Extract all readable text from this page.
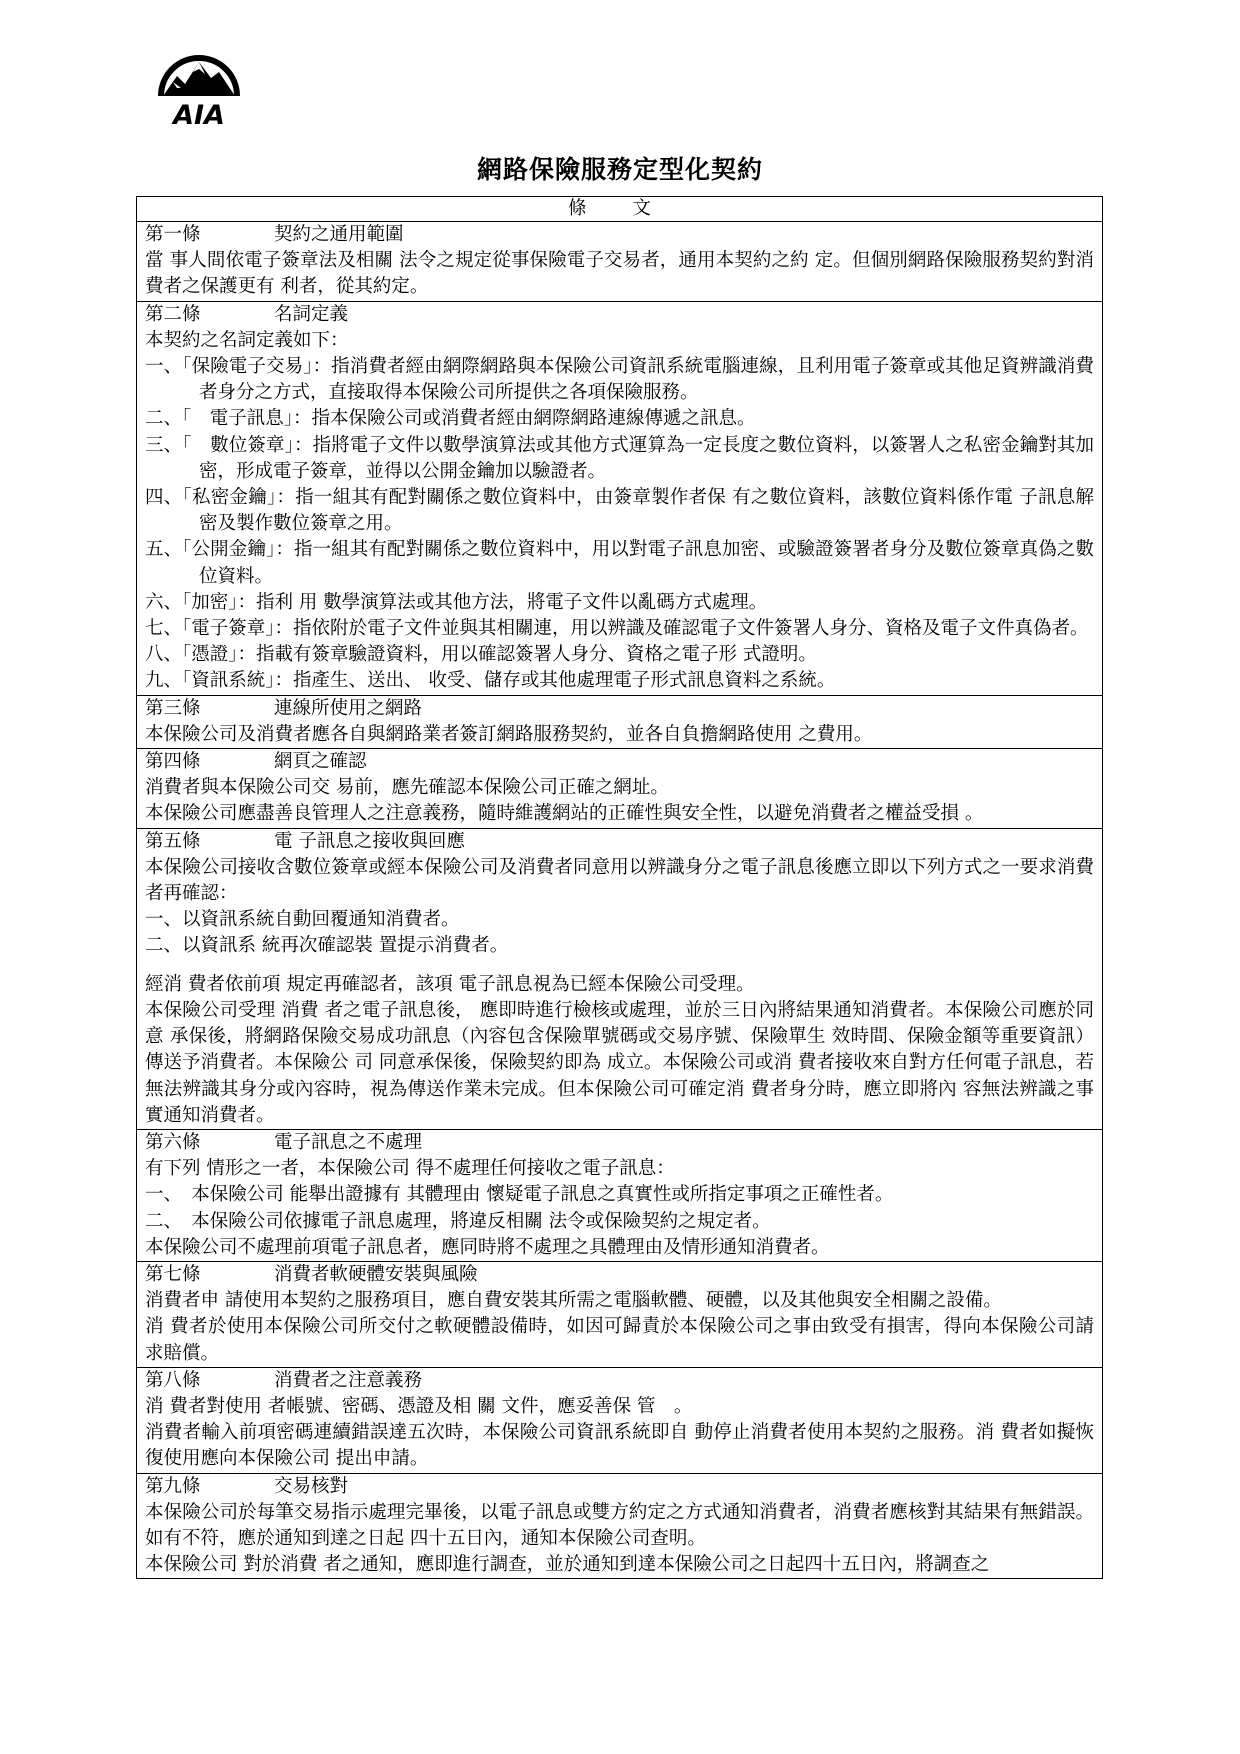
AIA
網路保險服務定型化契約
條 文

第一條	契約之通用範圍

當 事人間依電子簽章法及相關 法令之規定從事保險電子交易者，通用本契約之約 定。但個別網路保險服務契約對消 費者之保護更有 利者，從其約定。

第二條	名詞定義

本契約之名詞定義如下：

一、「保險電子交易」：指消費者經由網際網路與本保險公司資訊系統電腦連線，且利用電子簽章或其他足資辨識消費者身分之方式，直接取得本保險公司所提供之各項保險服務。

二、「　電子訊息」：指本保險公司或消費者經由網際網路連線傳遞之訊息。

三、「　數位簽章」：指將電子文件以數學演算法或其他方式運算為一定長度之數位資料，以簽署人之私密金鑰對其加密，形成電子簽章，並得以公開金鑰加以驗證者。

四、「私密金鑰」：指一組其有配對關係之數位資料中，由簽章製作者保 有之數位資料，該數位資料係作電 子訊息解密及製作數位簽章之用。

五、「公開金鑰」：指一組其有配對關係之數位資料中，用以對電子訊息加密、或驗證簽署者身分及數位簽章真偽之數位資料。

六、「加密」：指利 用 數學演算法或其他方法，將電子文件以亂碼方式處理。

七、「電子簽章」：指依附於電子文件並與其相關連，用以辨識及確認電子文件簽署人身分、資格及電子文件真偽者。

八、「憑證」：指載有簽章驗證資料，用以確認簽署人身分、資格之電子形 式證明。

九、「資訊系統」：指產生、送出、 收受、儲存或其他處理電子形式訊息資料之系統。

第三條	連線所使用之網路

本保險公司及消費者應各自與網路業者簽訂網路服務契約，並各自負擔網路使用 之費用。

第四條	網頁之確認

消費者與本保險公司交 易前，應先確認本保險公司正確之網址。

本保險公司應盡善良管理人之注意義務，隨時維護網站的正確性與安全性，以避免消費者之權益受損 。

第五條	電 子訊息之接收與回應

本保險公司接收含數位簽章或經本保險公司及消費者同意用以辨識身分之電子訊息後應立即以下列方式之一要求消費者再確認：

一、以資訊系統自動回覆通知消費者。

二、以資訊系 統再次確認裝 置提示消費者。

經消 費者依前項 規定再確認者，該項 電子訊息視為已經本保險公司受理。

本保險公司受理 消費 者之電子訊息後， 應即時進行檢核或處理，並於三日內將結果通知消費者。本保險公司應於同意 承保後，將網路保險交易成功訊息（內容包含保險單號碼或交易序號、保險單生 效時間、保險金額等重要資訊）傳送予消費者。本保險公 司 同意承保後，保險契約即為 成立。本保險公司或消 費者接收來自對方任何電子訊息，若無法辨識其身分或內容時，視為傳送作業未完成。但本保險公司可確定消 費者身分時，應立即將內 容無法辨識之事實通知消費者。

第六條	電子訊息之不處理

有下列 情形之一者，本保險公司 得不處理任何接收之電子訊息：

一、　本保險公司 能舉出證據有 其體理由 懷疑電子訊息之真實性或所指定事項之正確性者。

二、　本保險公司依據電子訊息處理，將違反相關 法令或保險契約之規定者。

本保險公司不處理前項電子訊息者，應同時將不處理之具體理由及情形通知消費者。

第七條	消費者軟硬體安裝與風險

消費者申 請使用本契約之服務項目，應自費安裝其所需之電腦軟體、硬體，以及其他與安全相關之設備。

消 費者於使用本保險公司所交付之軟硬體設備時，如因可歸責於本保險公司之事由致受有損害，得向本保險公司請求賠償。

第八條	消費者之注意義務

消 費者對使用 者帳號、密碼、憑證及相 關 文件，應妥善保 管　。

消費者輸入前項密碼連續錯誤達五次時，本保險公司資訊系統即自 動停止消費者使用本契約之服務。消 費者如擬恢復使用應向本保險公司 提出申請。

第九條	交易核對

本保險公司於每筆交易指示處理完畢後，以電子訊息或雙方約定之方式通知消費者，消費者應核對其結果有無錯誤。如有不符，應於通知到達之日起 四十五日內，通知本保險公司查明。

本保險公司 對於消費 者之通知，應即進行調查，並於通知到達本保險公司之日起四十五日內，將調查之
